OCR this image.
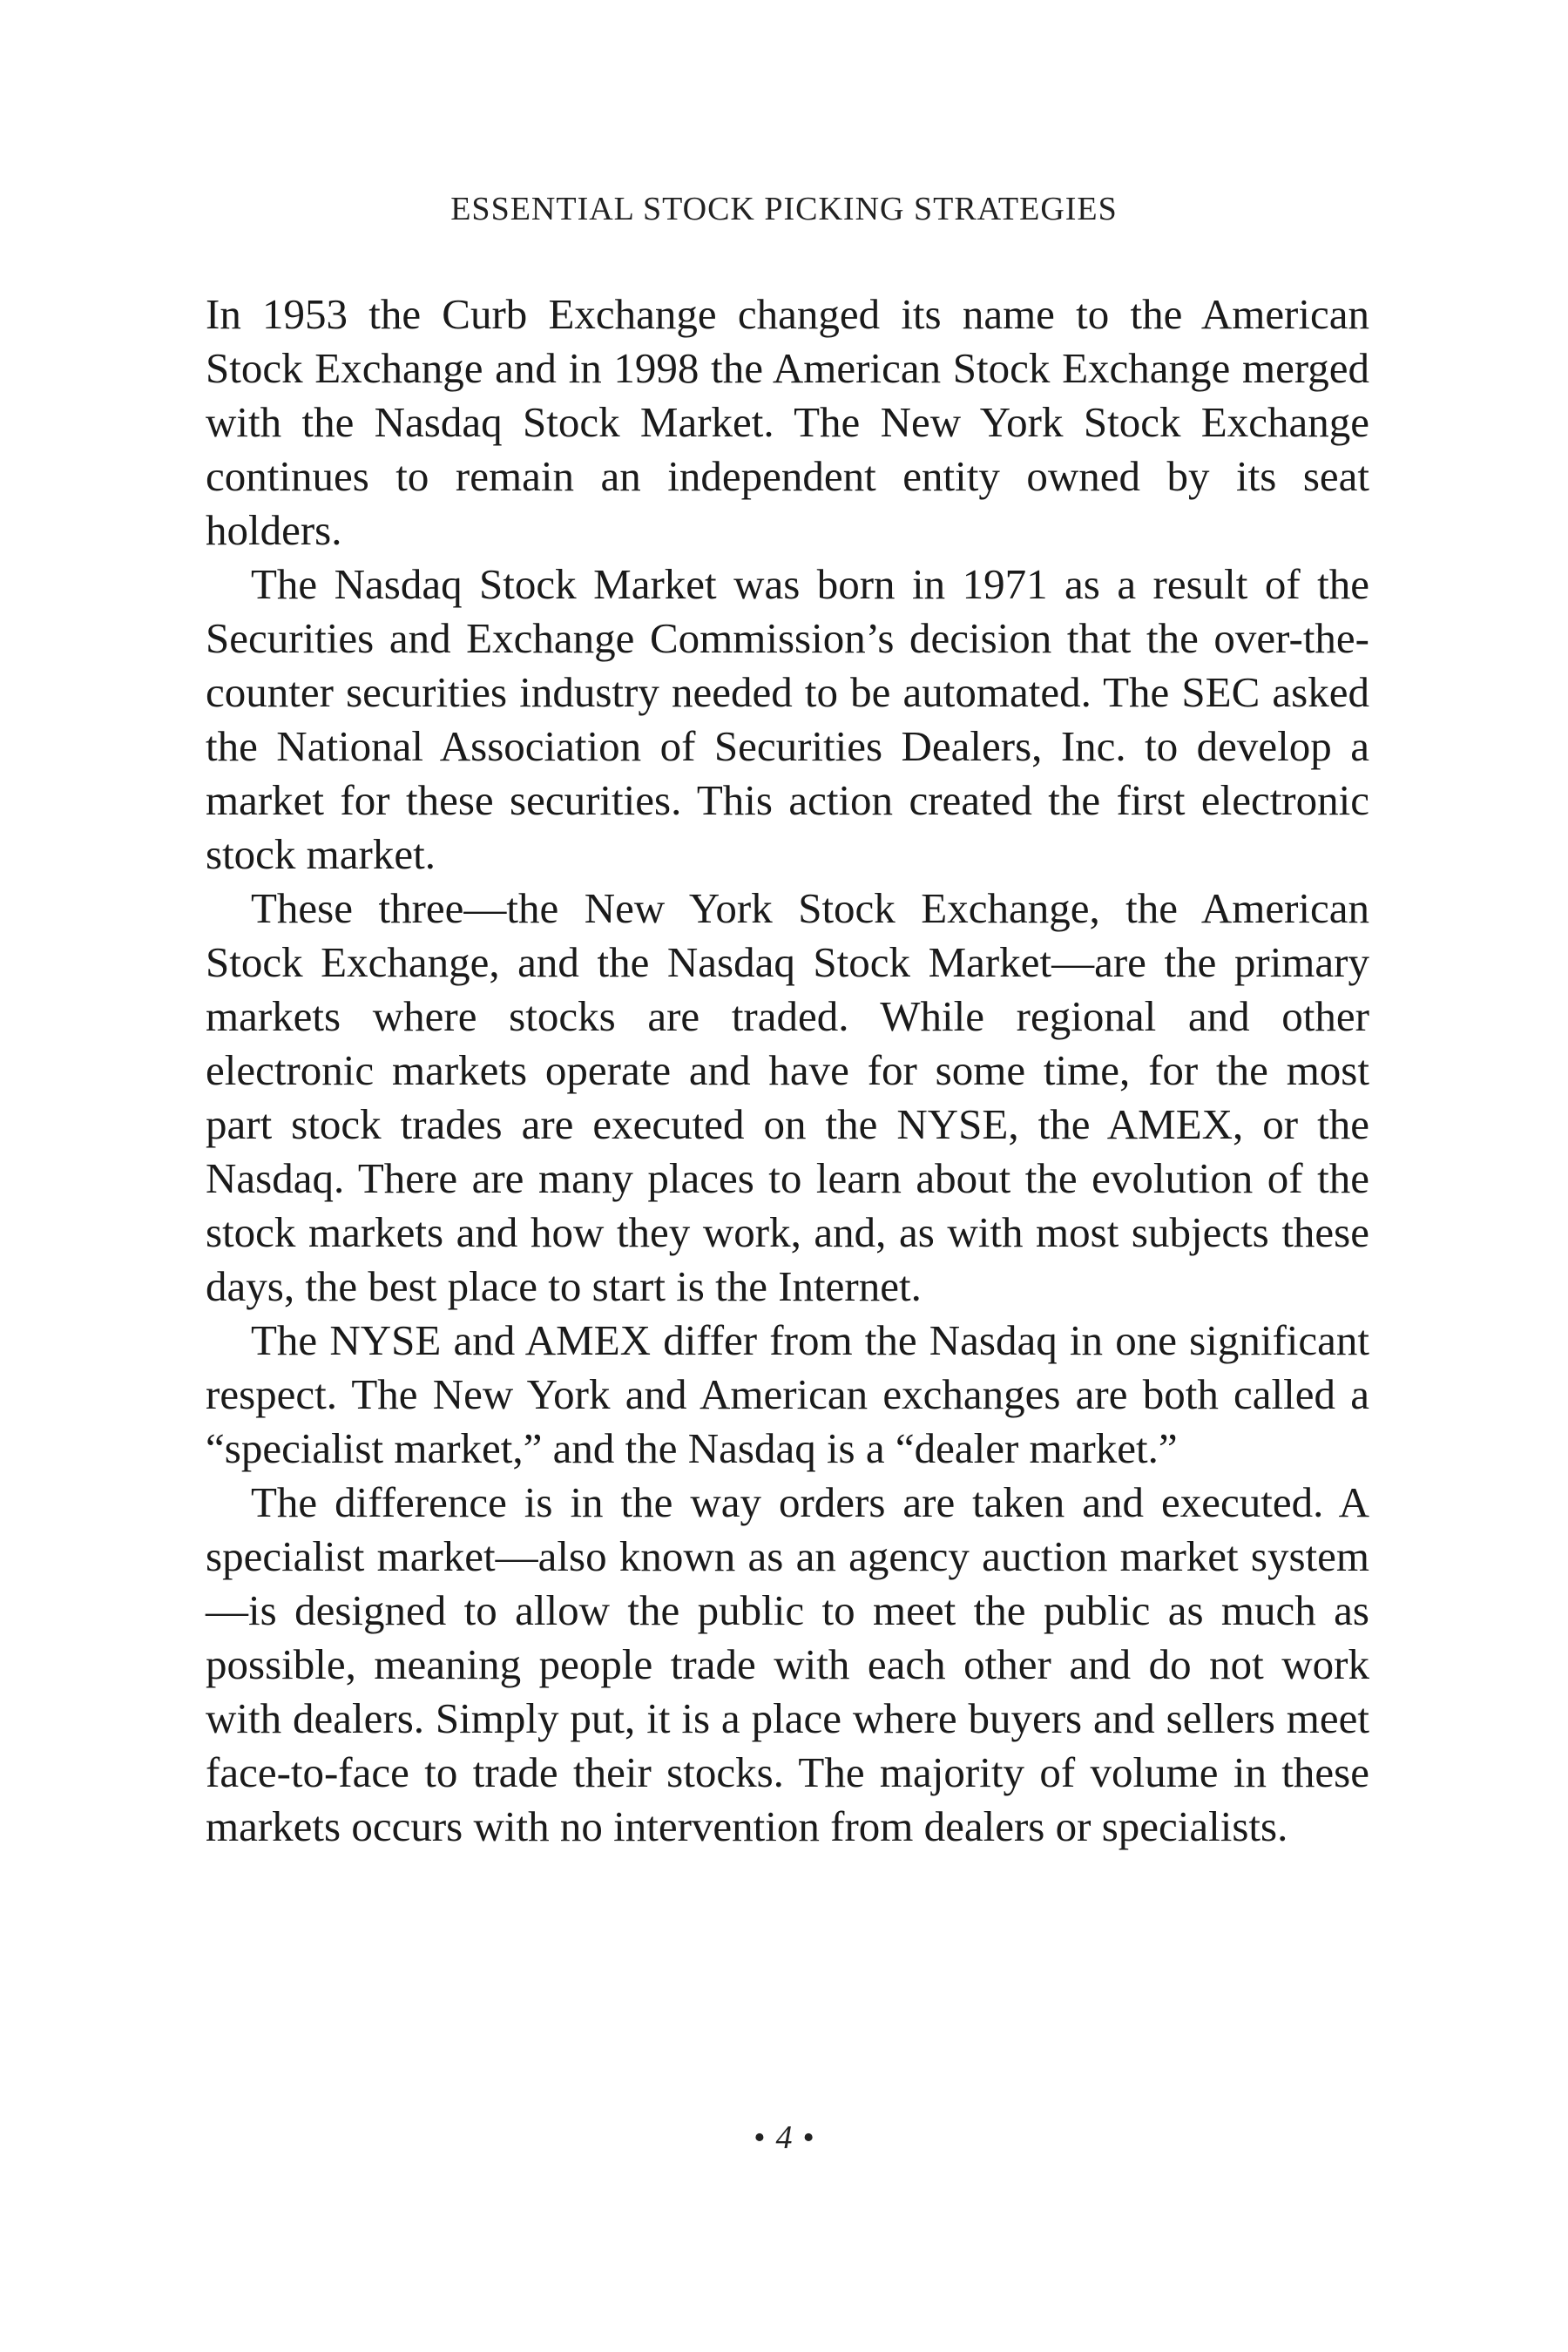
ESSENTIAL STOCK PICKING STRATEGIES

In 1953 the Curb Exchange changed its name to the American Stock Exchange and in 1998 the American Stock Exchange merged with the Nasdaq Stock Market. The New York Stock Exchange continues to remain an independent entity owned by its seat holders.

The Nasdaq Stock Market was born in 1971 as a result of the Securities and Exchange Commission’s decision that the over-the-counter securities industry needed to be automated. The SEC asked the National Association of Securities Dealers, Inc. to develop a market for these securities. This action created the first electronic stock market.

These three—the New York Stock Exchange, the American Stock Exchange, and the Nasdaq Stock Market—are the primary markets where stocks are traded. While regional and other electronic markets operate and have for some time, for the most part stock trades are executed on the NYSE, the AMEX, or the Nasdaq. There are many places to learn about the evolution of the stock markets and how they work, and, as with most subjects these days, the best place to start is the Internet.

The NYSE and AMEX differ from the Nasdaq in one significant respect. The New York and American exchanges are both called a “specialist market,” and the Nasdaq is a “dealer market.”

The difference is in the way orders are taken and executed. A specialist market—also known as an agency auction market system—is designed to allow the public to meet the public as much as possible, meaning people trade with each other and do not work with dealers. Simply put, it is a place where buyers and sellers meet face-to-face to trade their stocks. The majority of volume in these markets occurs with no intervention from dealers or specialists.

• 4 •
